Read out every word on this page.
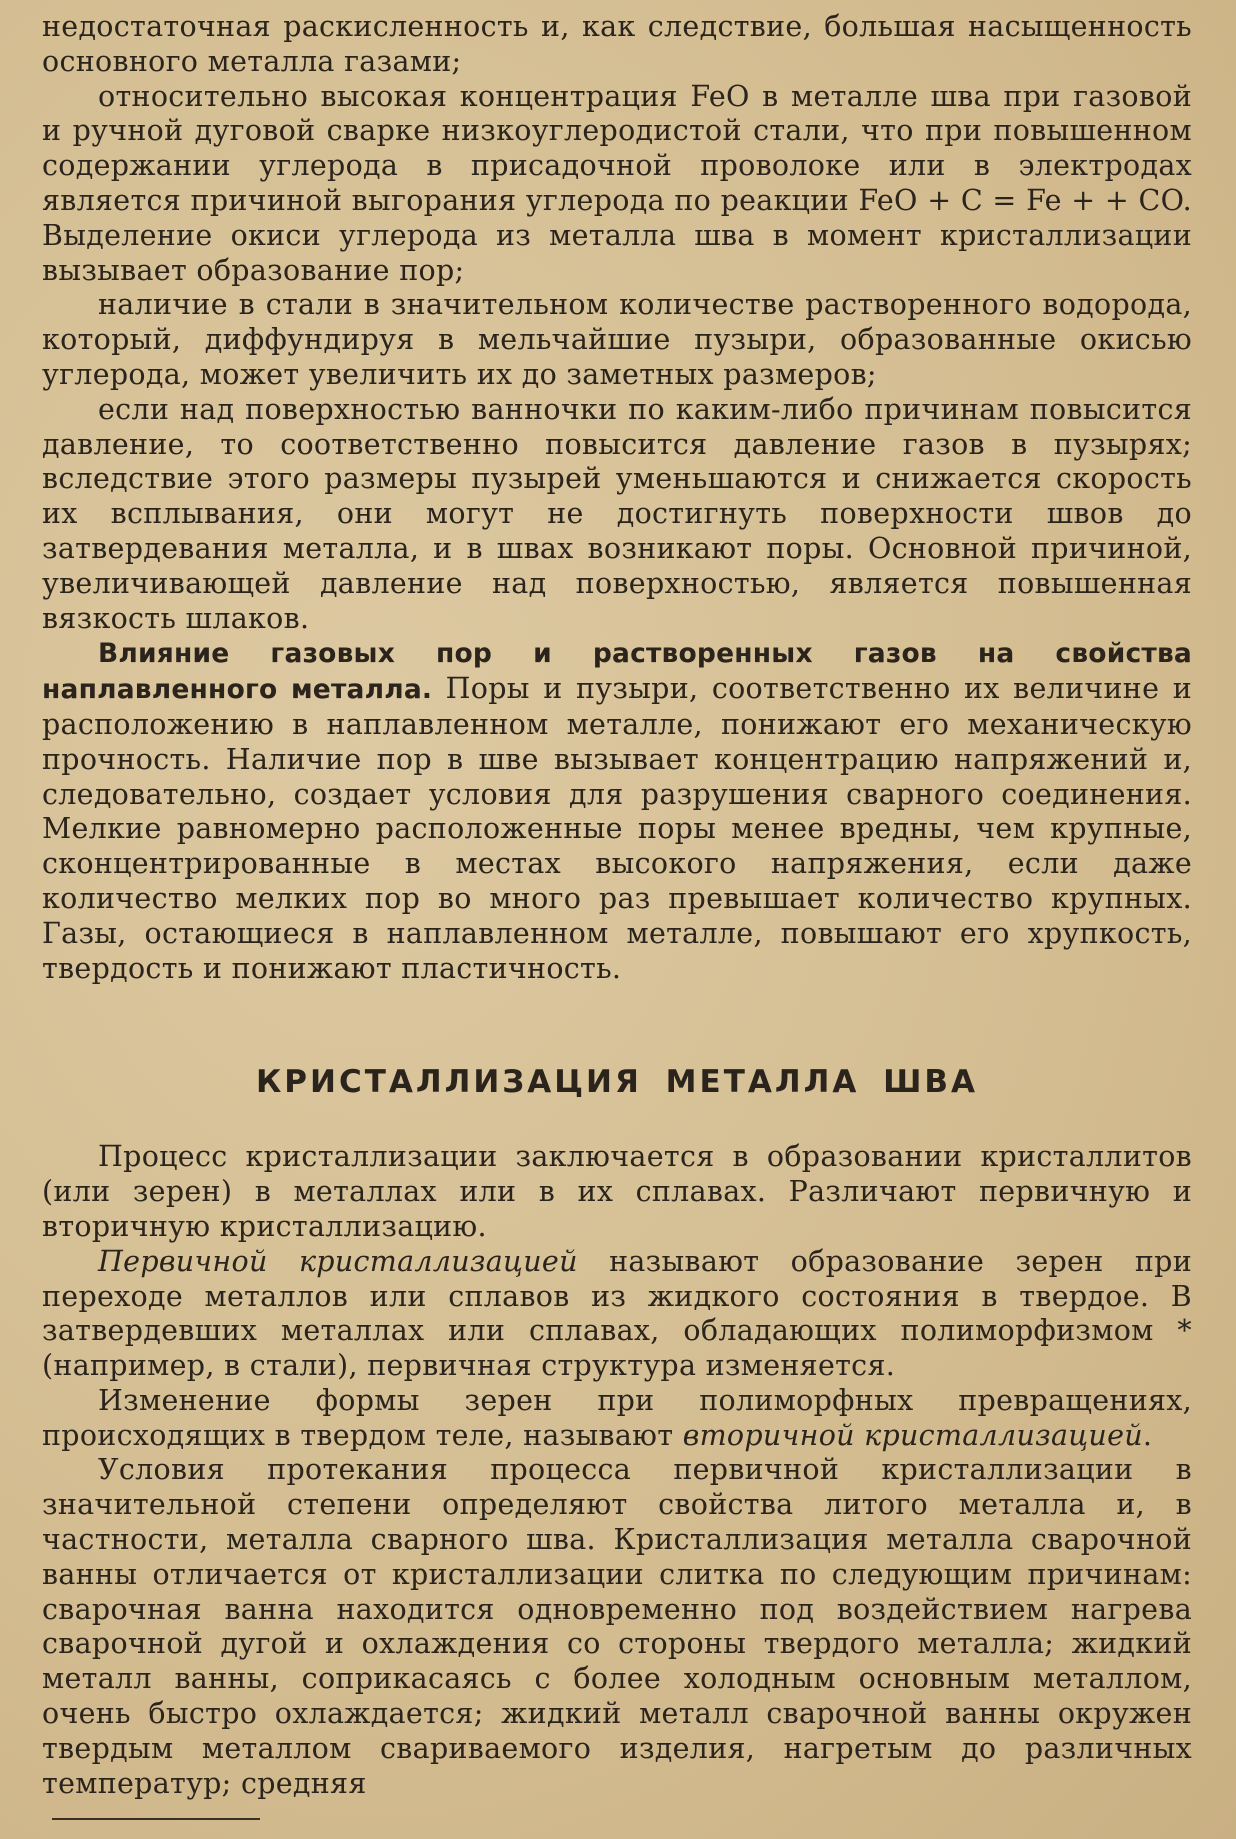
недостаточная раскисленность и, как следствие, большая насыщенность основного металла газами;

относительно высокая концентрация FeO в металле шва при газовой и ручной дуговой сварке низкоуглеродистой стали, что при повышенном содержании углерода в присадочной проволоке или в электродах является причиной выгорания углерода по реакции FeO + C = Fe + + CO. Выделение окиси углерода из металла шва в момент кристаллизации вызывает образование пор;

наличие в стали в значительном количестве растворенного водорода, который, диффундируя в мельчайшие пузыри, образованные окисью углерода, может увеличить их до заметных размеров;

если над поверхностью ванночки по каким-либо причинам повысится давление, то соответственно повысится давление газов в пузырях; вследствие этого размеры пузырей уменьшаются и снижается скорость их всплывания, они могут не достигнуть поверхности швов до затвердевания металла, и в швах возникают поры. Основной причиной, увеличивающей давление над поверхностью, является повышенная вязкость шлаков.

Влияние газовых пор и растворенных газов на свойства наплавленного металла. Поры и пузыри, соответственно их величине и расположению в наплавленном металле, понижают его механическую прочность. Наличие пор в шве вызывает концентрацию напряжений и, следовательно, создает условия для разрушения сварного соединения. Мелкие равномерно расположенные поры менее вредны, чем крупные, сконцентрированные в местах высокого напряжения, если даже количество мелких пор во много раз превышает количество крупных. Газы, остающиеся в наплавленном металле, повышают его хрупкость, твердость и понижают пластичность.

КРИСТАЛЛИЗАЦИЯ МЕТАЛЛА ШВА

Процесс кристаллизации заключается в образовании кристаллитов (или зерен) в металлах или в их сплавах. Различают первичную и вторичную кристаллизацию.

Первичной кристаллизацией называют образование зерен при переходе металлов или сплавов из жидкого состояния в твердое. В затвердевших металлах или сплавах, обладающих полиморфизмом * (например, в стали), первичная структура изменяется.

Изменение формы зерен при полиморфных превращениях, происходящих в твердом теле, называют вторичной кристаллизацией.

Условия протекания процесса первичной кристаллизации в значительной степени определяют свойства литого металла и, в частности, металла сварного шва. Кристаллизация металла сварочной ванны отличается от кристаллизации слитка по следующим причинам: сварочная ванна находится одновременно под воздействием нагрева сварочной дугой и охлаждения со стороны твердого металла; жидкий металл ванны, соприкасаясь с более холодным основным металлом, очень быстро охлаждается; жидкий металл сварочной ванны окружен твердым металлом свариваемого изделия, нагретым до различных температур; средняя
